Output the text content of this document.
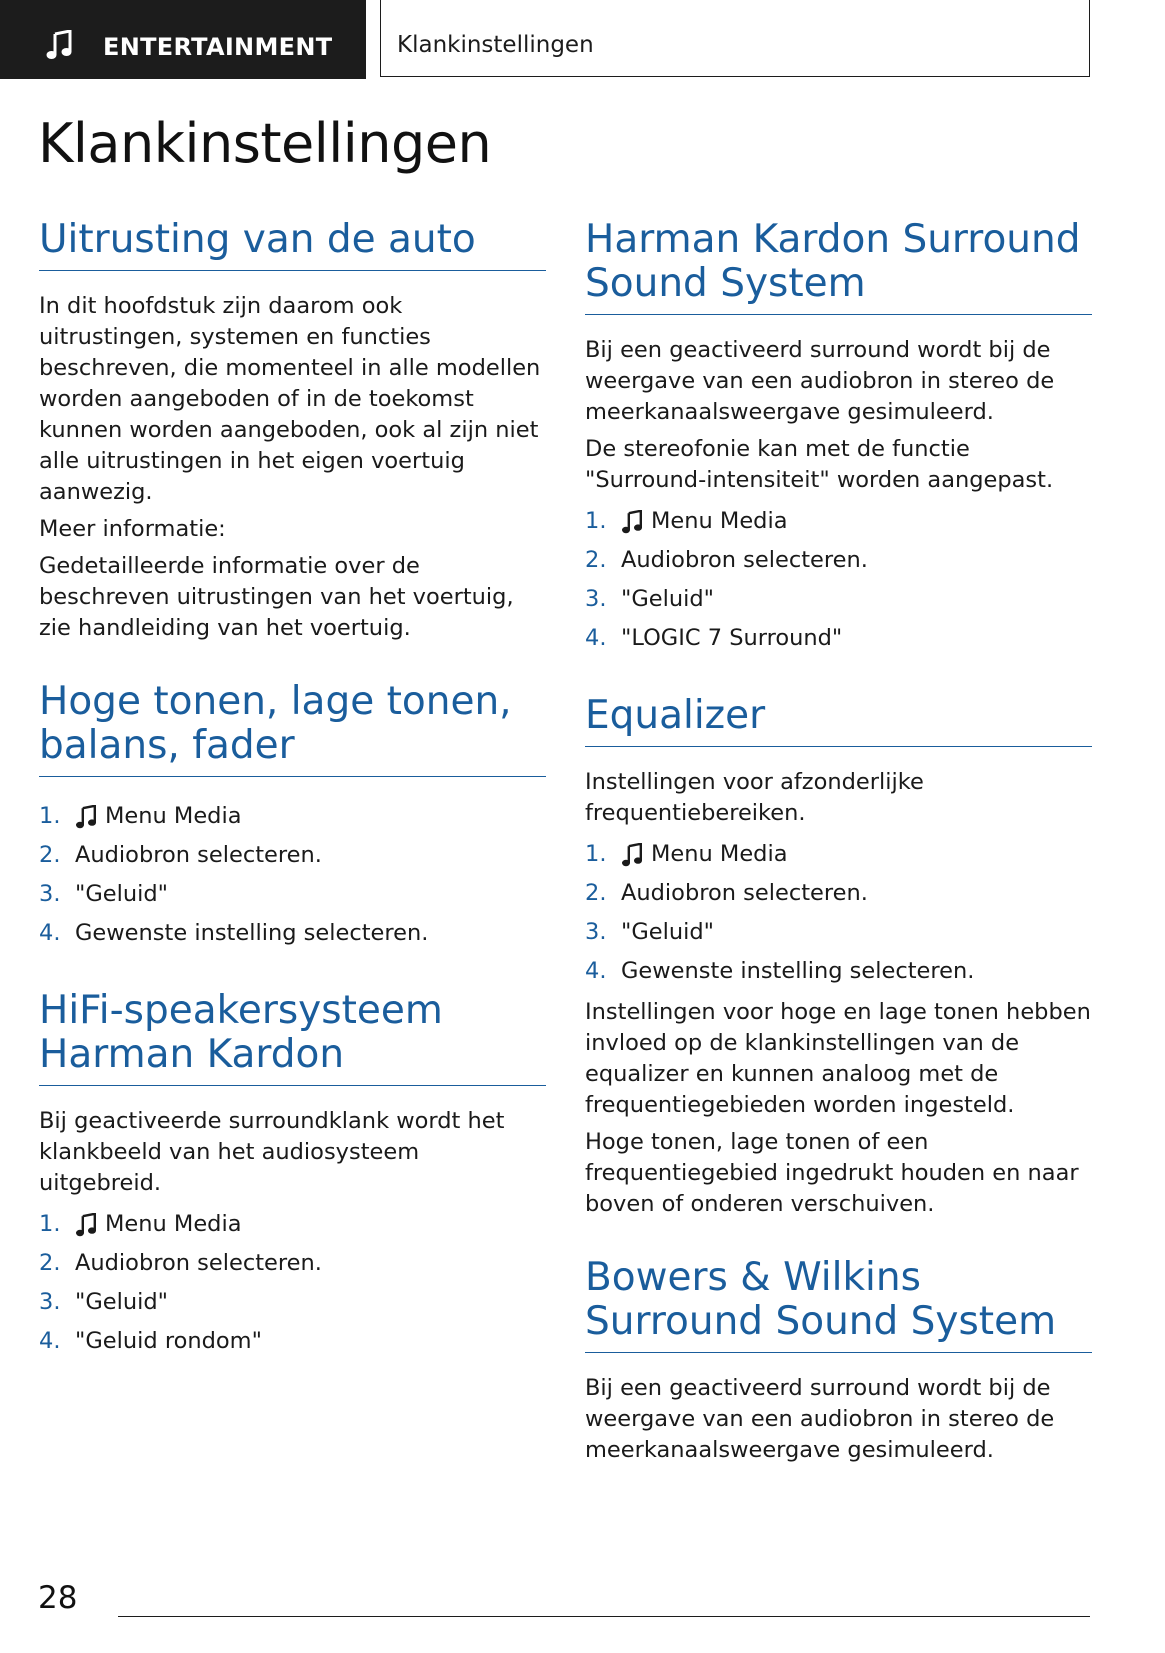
ENTERTAINMENT	Klankinstellingen
Klankinstellingen
Uitrusting van de auto

In dit hoofdstuk zijn daarom ook uitrustingen, systemen en functies beschreven, die momenteel in alle modellen worden aangeboden of in de toekomst kunnen worden aangeboden, ook al zijn niet alle uitrustingen in het eigen voertuig aanwezig.

Meer informatie:

Gedetailleerde informatie over de beschreven uitrustingen van het voertuig, zie handleiding van het voertuig.

Hoge tonen, lage tonen, balans, fader
1.	Menu Media
2. Audiobron selecteren.
3. "Geluid"
4. Gewenste instelling selecteren.
HiFi-speakersysteem Harman Kardon

Bij geactiveerde surroundklank wordt het klankbeeld van het audiosysteem uitgebreid.

1.	Menu Media
2. Audiobron selecteren.
3. "Geluid"
4. "Geluid rondom"
Harman Kardon Surround Sound System

Bij een geactiveerd surround wordt bij de weergave van een audiobron in stereo de meerkanaalsweergave gesimuleerd.

De stereofonie kan met de functie "Surround-intensiteit" worden aangepast.

1.	Menu Media
2. Audiobron selecteren.
3. "Geluid"
4. "LOGIC 7 Surround"
Equalizer

Instellingen voor afzonderlijke frequentiebereiken.

1.	Menu Media
2. Audiobron selecteren.
3. "Geluid"
4. Gewenste instelling selecteren.

Instellingen voor hoge en lage tonen hebben invloed op de klankinstellingen van de equalizer en kunnen analoog met de frequentiegebieden worden ingesteld.

Hoge tonen, lage tonen of een frequentiegebied ingedrukt houden en naar boven of onderen verschuiven.

Bowers & Wilkins Surround Sound System

Bij een geactiveerd surround wordt bij de weergave van een audiobron in stereo de meerkanaalsweergave gesimuleerd.

28
